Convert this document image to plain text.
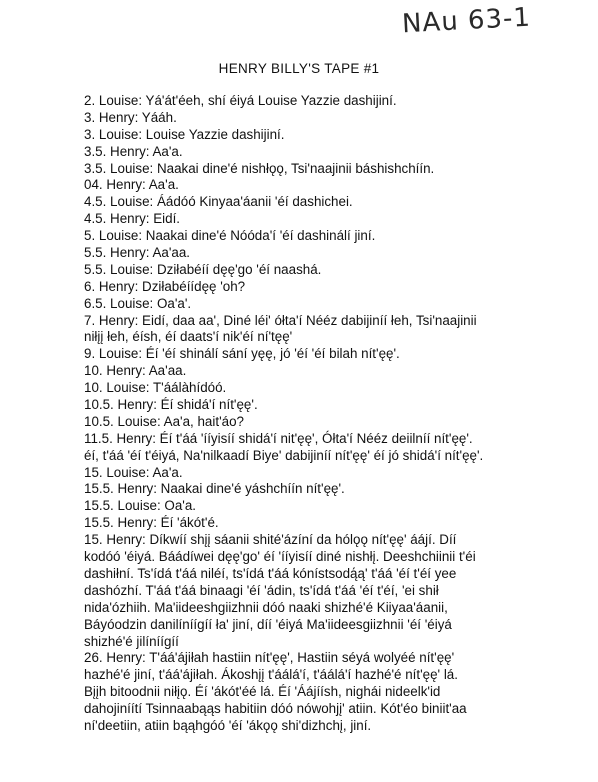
NAu 63-1
HENRY BILLY'S TAPE #1
2. Louise: Yá'át'éeh, shí éiyá Louise Yazzie dashijiní.
3. Henry: Yááh.
3. Louise: Louise Yazzie dashijiní.
3.5. Henry: Aa'a.
3.5. Louise: Naakai dine'é nishłǫǫ, Tsi'naajinii báshishchíín.
04. Henry: Aa'a.
4.5. Louise: Áádóó Kinyaa'áanii 'éí dashichei.
4.5. Henry: Eidí.
5. Louise: Naakai dine'é Nóóda'í 'éí dashinálí jiní.
5.5. Henry: Aa'aa.
5.5. Louise: Dziłabéíí dęę'go 'éí naashá.
6. Henry: Dziłabéíídęę 'oh?
6.5. Louise: Oa'a'.
7. Henry: Eidí, daa aa', Diné léi' ółta'í Nééz dabijiníí łeh, Tsi'naajinii
niłįį łeh, éísh, éí daats'í nik'éí ní'tęę'
9. Louise: Éí 'éí shinálí sání yęę, jó 'éí 'éí bilah nít'ęę'.
10. Henry: Aa'aa.
10. Louise: T'áálàhídóó.
10.5. Henry: Éí shidá'í nít'ęę'.
10.5. Louise: Aa'a, hait'áo?
11.5. Henry: Éí t'áá 'ííyisíí shidá'í nit'ęę', Ółta'í Nééz deiilníí nít'ęę'.
éí, t'áá 'éí t'éiyá, Na'nilkaadí Biye' dabijiníí nít'ęę' éí jó shidá'í nít'ęę'.
15. Louise: Aa'a.
15.5. Henry: Naakai dine'é yáshchíín nít'ęę'.
15.5. Louise: Oa'a.
15.5. Henry: Éí 'ákót'é.
15. Henry: Díkwíí shįį sáanii shité'ázíní da hólǫǫ nít'ęę' áájí. Díí
kodóó 'éiyá. Báádíwei dęę'go' éí 'ííyisíí diné nishłį. Deeshchiinii t'éi
dashiłní. Ts'ídá t'áá niléí, ts'ídá t'áá kónístsodą́ą' t'áá 'éí t'éí yee
dashózhí. T'áá t'áá binaagi 'éí 'ádin, ts'ídá t'áá 'éí t'éí, 'ei shił
nida'ózhiih. Ma'iideeshgiizhnii dóó naaki shizhé'é Kiiyaa'áanii,
Báyóodzin danilíníígíí ła' jiní, díí 'éiyá Ma'iideesgiizhnii 'éí 'éiyá
shizhé'é jilíníígíí
26. Henry: T'áá'ájiłah hastiin nít'ęę', Hastiin séyá wolyéé nít'ęę'
hazhé'é jiní, t'áá'ájiłah. Ákoshįį t'áálá'í, t'áálá'í hazhé'é nít'ęę' lá.
Bįįh bitoodnii niłįǫ. Éí 'ákót'éé lá. Éí 'Áájíísh, nighái nideelk'id
dahojiníítí Tsinnaabąąs habitiin dóó nówohjį' atiin. Kót'éo biniit'aa
ní'deetiin, atiin bąąhgóó 'éí 'ákǫǫ shi'dizhchį, jiní.
